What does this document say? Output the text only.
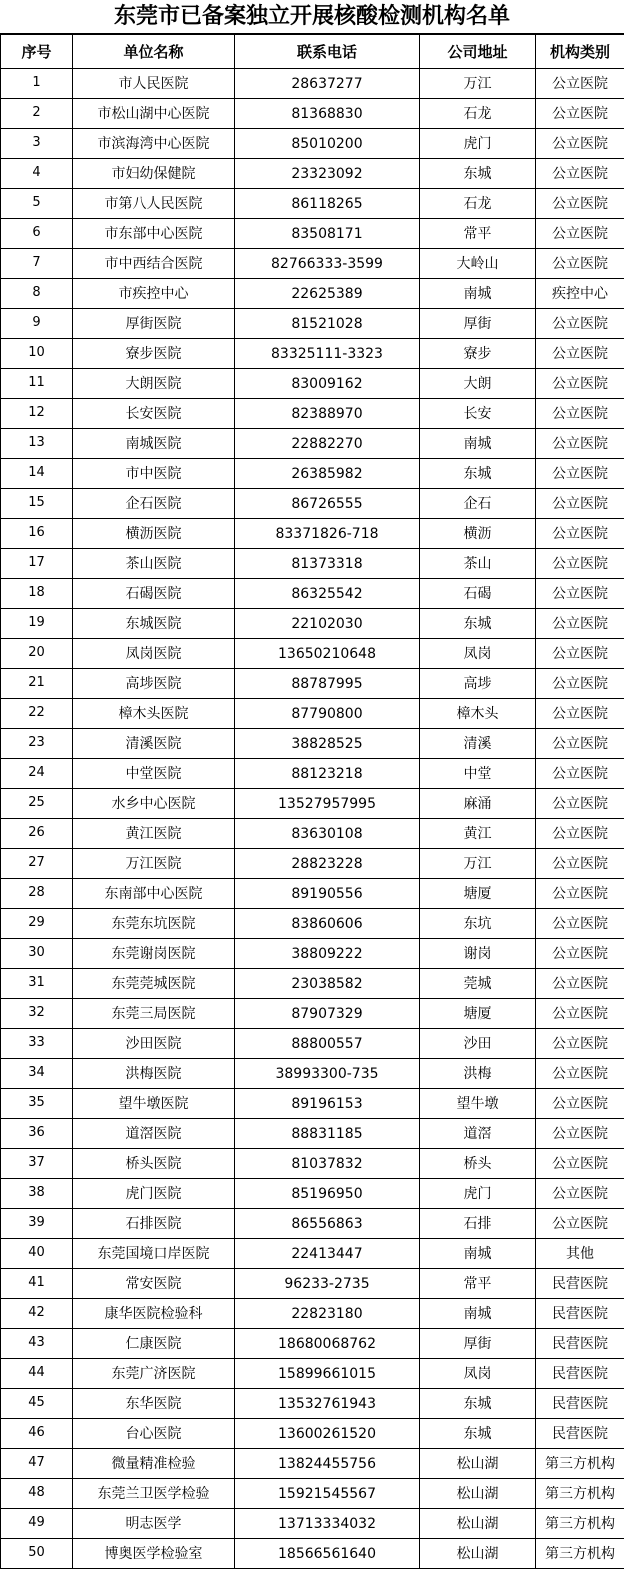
东莞市已备案独立开展核酸检测机构名单
序号	单位名称	联系电话	公司地址	机构类别
1	市人民医院	28637277	万江	公立医院
2	市松山湖中心医院	81368830	石龙	公立医院
3	市滨海湾中心医院	85010200	虎门	公立医院
4	市妇幼保健院	23323092	东城	公立医院
5	市第八人民医院	86118265	石龙	公立医院
6	市东部中心医院	83508171	常平	公立医院
7	市中西结合医院	82766333-3599	大岭山	公立医院
8	市疾控中心	22625389	南城	疾控中心
9	厚街医院	81521028	厚街	公立医院
10	寮步医院	83325111-3323	寮步	公立医院
11	大朗医院	83009162	大朗	公立医院
12	长安医院	82388970	长安	公立医院
13	南城医院	22882270	南城	公立医院
14	市中医院	26385982	东城	公立医院
15	企石医院	86726555	企石	公立医院
16	横沥医院	83371826-718	横沥	公立医院
17	茶山医院	81373318	茶山	公立医院
18	石碣医院	86325542	石碣	公立医院
19	东城医院	22102030	东城	公立医院
20	凤岗医院	13650210648	凤岗	公立医院
21	高埗医院	88787995	高埗	公立医院
22	樟木头医院	87790800	樟木头	公立医院
23	清溪医院	38828525	清溪	公立医院
24	中堂医院	88123218	中堂	公立医院
25	水乡中心医院	13527957995	麻涌	公立医院
26	黄江医院	83630108	黄江	公立医院
27	万江医院	28823228	万江	公立医院
28	东南部中心医院	89190556	塘厦	公立医院
29	东莞东坑医院	83860606	东坑	公立医院
30	东莞谢岗医院	38809222	谢岗	公立医院
31	东莞莞城医院	23038582	莞城	公立医院
32	东莞三局医院	87907329	塘厦	公立医院
33	沙田医院	88800557	沙田	公立医院
34	洪梅医院	38993300-735	洪梅	公立医院
35	望牛墩医院	89196153	望牛墩	公立医院
36	道滘医院	88831185	道滘	公立医院
37	桥头医院	81037832	桥头	公立医院
38	虎门医院	85196950	虎门	公立医院
39	石排医院	86556863	石排	公立医院
40	东莞国境口岸医院	22413447	南城	其他
41	常安医院	96233-2735	常平	民营医院
42	康华医院检验科	22823180	南城	民营医院
43	仁康医院	18680068762	厚街	民营医院
44	东莞广济医院	15899661015	凤岗	民营医院
45	东华医院	13532761943	东城	民营医院
46	台心医院	13600261520	东城	民营医院
47	微量精准检验	13824455756	松山湖	第三方机构
48	东莞兰卫医学检验	15921545567	松山湖	第三方机构
49	明志医学	13713334032	松山湖	第三方机构
50	博奥医学检验室	18566561640	松山湖	第三方机构
